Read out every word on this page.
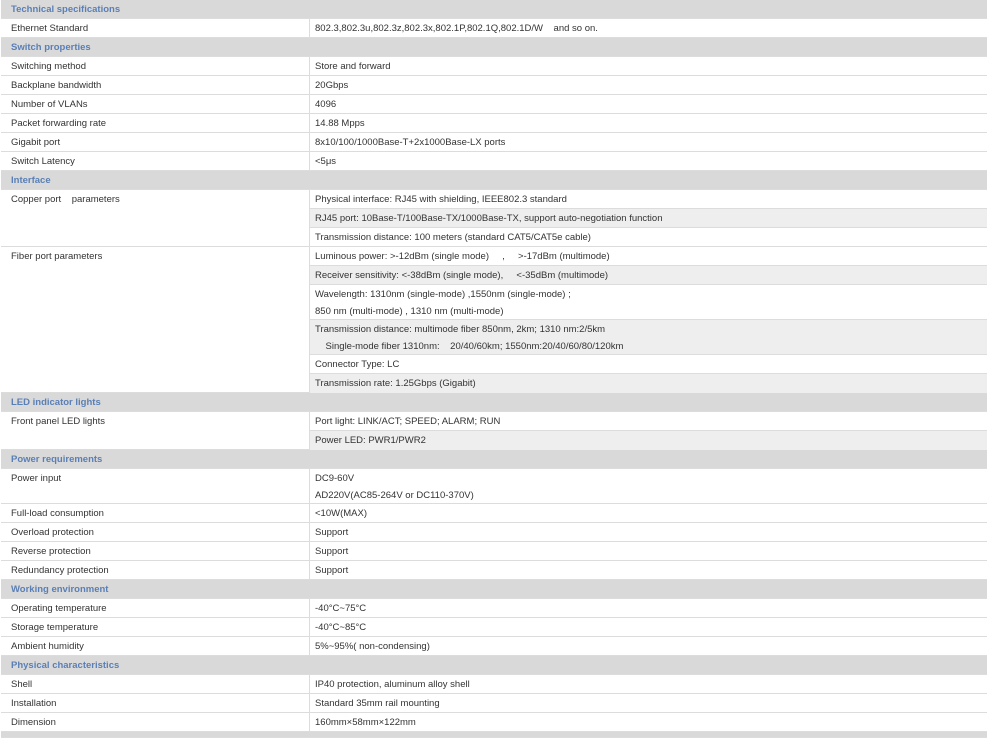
Technical specifications
Ethernet Standard	802.3,802.3u,802.3z,802.3x,802.1P,802.1Q,802.1D/W    and so on.
Switch properties
Switching method	Store and forward
Backplane bandwidth	20Gbps
Number of VLANs	4096
Packet forwarding rate	14.88 Mpps
Gigabit port	8x10/100/1000Base-T+2x1000Base-LX ports
Switch Latency	<5μs
Interface
Copper port    parameters	Physical interface: RJ45 with shielding, IEEE802.3 standard
RJ45 port: 10Base-T/100Base-TX/1000Base-TX, support auto-negotiation function
Transmission distance: 100 meters (standard CAT5/CAT5e cable)
Fiber port parameters	Luminous power: >-12dBm (single mode)     ,     >-17dBm (multimode)
Receiver sensitivity: <-38dBm (single mode),     <-35dBm (multimode)
Wavelength: 1310nm (single-mode) ,1550nm (single-mode) ;
850 nm (multi-mode) , 1310 nm (multi-mode)
Transmission distance: multimode fiber 850nm, 2km; 1310 nm:2/5km
Single-mode fiber 1310nm:    20/40/60km; 1550nm:20/40/60/80/120km
Connector Type: LC
Transmission rate: 1.25Gbps (Gigabit)
LED indicator lights
Front panel LED lights	Port light: LINK/ACT; SPEED; ALARM; RUN
Power LED: PWR1/PWR2
Power requirements
Power input	DC9-60V
AD220V(AC85-264V or DC110-370V)
Full-load consumption	<10W(MAX)
Overload protection	Support
Reverse protection	Support
Redundancy protection	Support
Working environment
Operating temperature	-40°C~75°C
Storage temperature	-40°C~85°C
Ambient humidity	5%~95%( non-condensing)
Physical characteristics
Shell	IP40 protection, aluminum alloy shell
Installation	Standard 35mm rail mounting
Dimension	160mm×58mm×122mm
